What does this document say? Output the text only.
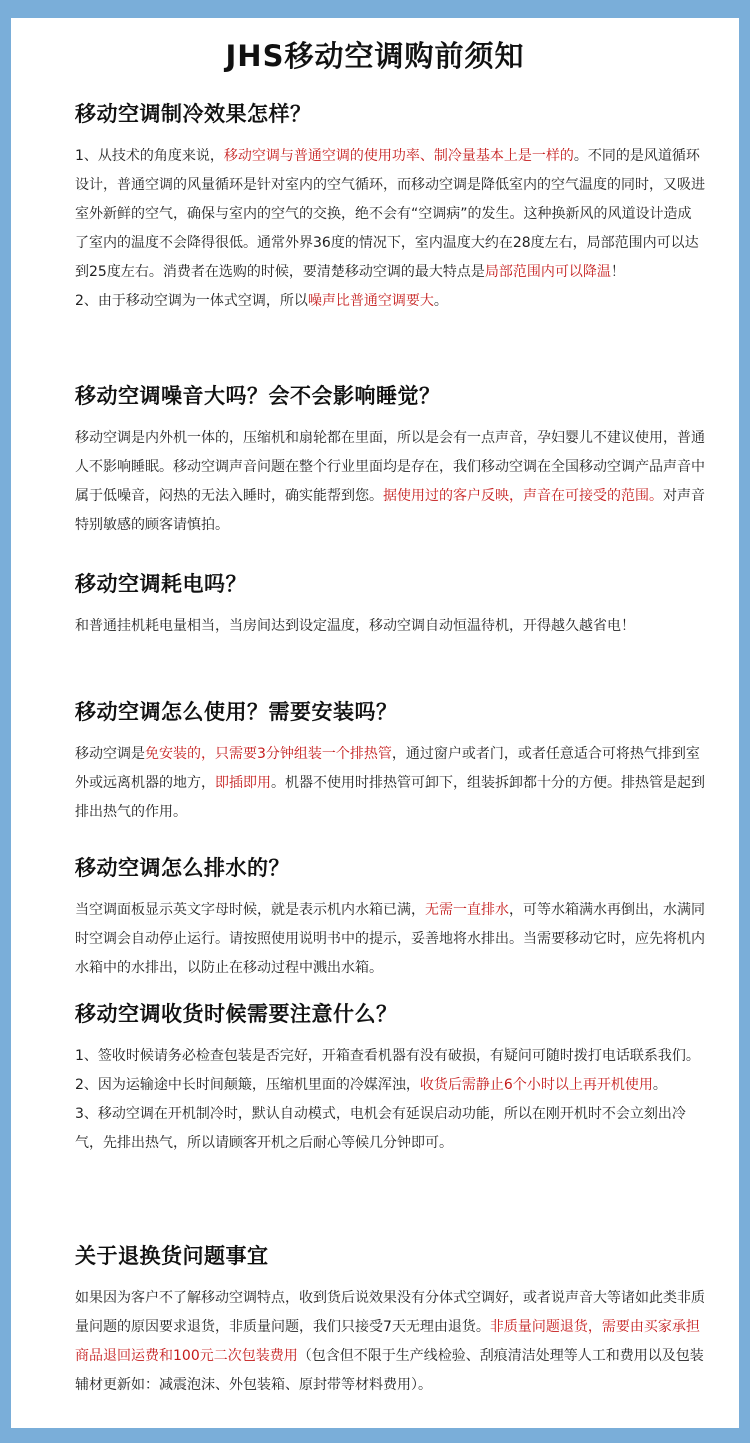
JHS移动空调购前须知
移动空调制冷效果怎样？

1、从技术的角度来说，移动空调与普通空调的使用功率、制冷量基本上是一样的。不同的是风道循环设计，普通空调的风量循环是针对室内的空气循环，而移动空调是降低室内的空气温度的同时，又吸进室外新鲜的空气，确保与室内的空气的交换，绝不会有“空调病”的发生。这种换新风的风道设计造成了室内的温度不会降得很低。通常外界36度的情况下，室内温度大约在28度左右，局部范围内可以达到25度左右。消费者在选购的时候，要清楚移动空调的最大特点是局部范围内可以降温！

2、由于移动空调为一体式空调，所以噪声比普通空调要大。

移动空调噪音大吗？会不会影响睡觉？

移动空调是内外机一体的，压缩机和扇轮都在里面，所以是会有一点声音，孕妇婴儿不建议使用，普通人不影响睡眠。移动空调声音问题在整个行业里面均是存在，我们移动空调在全国移动空调产品声音中属于低噪音，闷热的无法入睡时，确实能帮到您。据使用过的客户反映，声音在可接受的范围。对声音特别敏感的顾客请慎拍。

移动空调耗电吗？

和普通挂机耗电量相当，当房间达到设定温度，移动空调自动恒温待机，开得越久越省电！

移动空调怎么使用？需要安装吗？

移动空调是免安装的，只需要3分钟组装一个排热管，通过窗户或者门，或者任意适合可将热气排到室外或远离机器的地方，即插即用。机器不使用时排热管可卸下，组装拆卸都十分的方便。排热管是起到排出热气的作用。

移动空调怎么排水的？

当空调面板显示英文字母时候，就是表示机内水箱已满，无需一直排水，可等水箱满水再倒出，水满同时空调会自动停止运行。请按照使用说明书中的提示，妥善地将水排出。当需要移动它时，应先将机内水箱中的水排出，以防止在移动过程中溅出水箱。

移动空调收货时候需要注意什么？

1、签收时候请务必检查包装是否完好，开箱查看机器有没有破损，有疑问可随时拨打电话联系我们。

2、因为运输途中长时间颠簸，压缩机里面的冷媒浑浊，收货后需静止6个小时以上再开机使用。

3、移动空调在开机制冷时，默认自动模式，电机会有延误启动功能，所以在刚开机时不会立刻出冷气，先排出热气，所以请顾客开机之后耐心等候几分钟即可。

关于退换货问题事宜

如果因为客户不了解移动空调特点，收到货后说效果没有分体式空调好，或者说声音大等诸如此类非质量问题的原因要求退货，非质量问题，我们只接受7天无理由退货。非质量问题退货，需要由买家承担商品退回运费和100元二次包装费用（包含但不限于生产线检验、刮痕清洁处理等人工和费用以及包装辅材更新如：减震泡沫、外包装箱、原封带等材料费用）。
